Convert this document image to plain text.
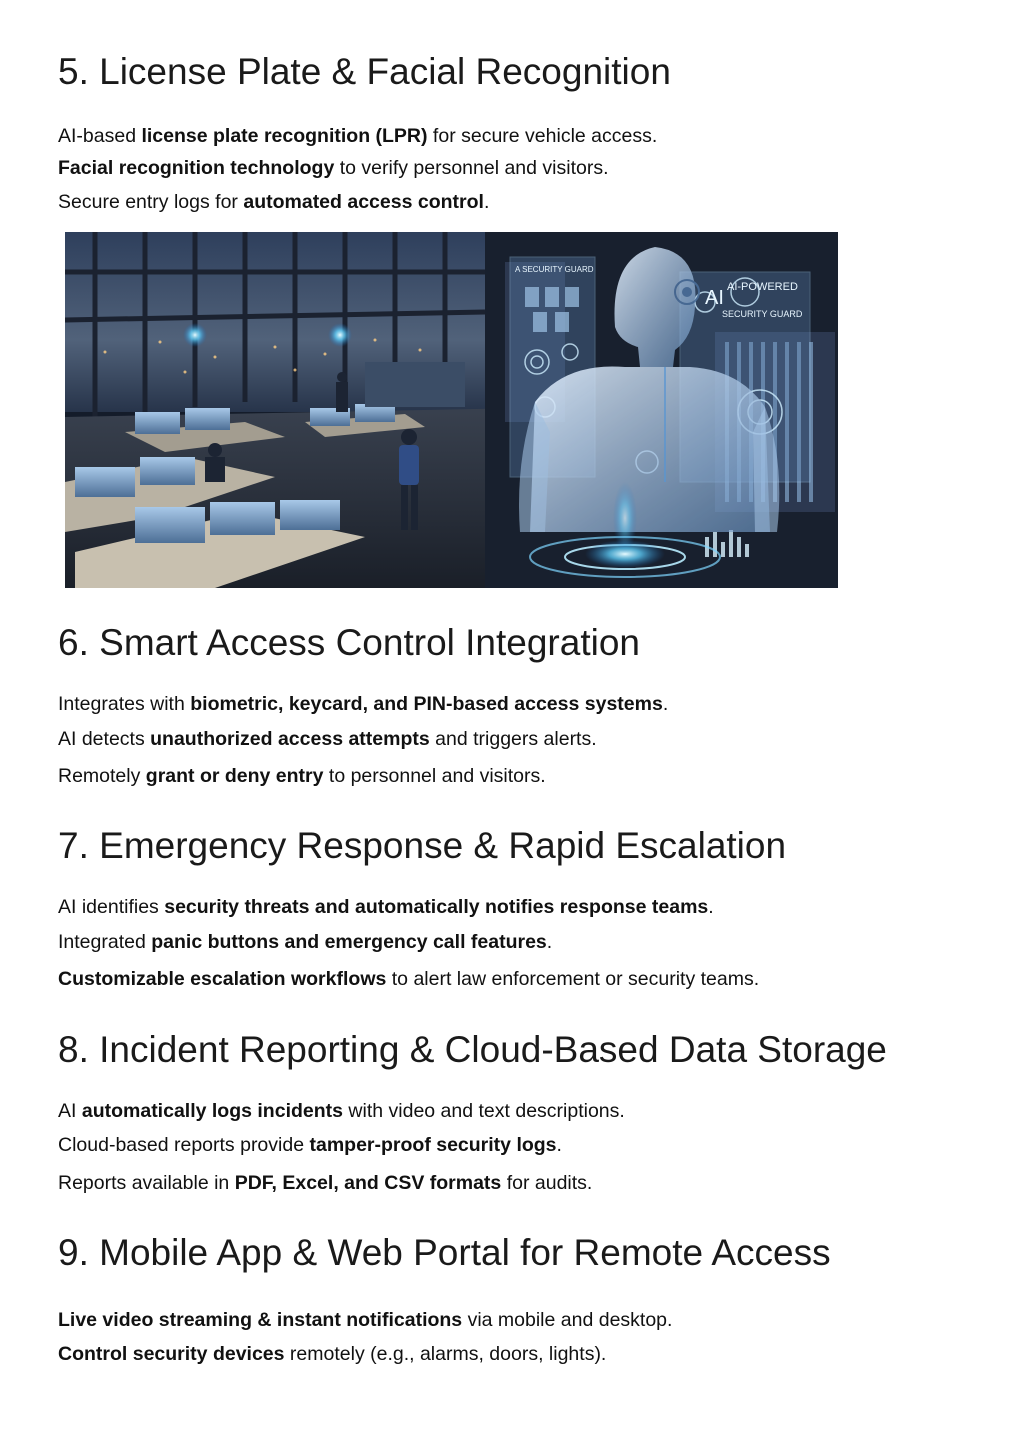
5. License Plate & Facial Recognition

AI-based license plate recognition (LPR) for secure vehicle access.

Facial recognition technology to verify personnel and visitors.

Secure entry logs for automated access control.

A SECURITY GUARD
AI AI-POWERED
SECURITY GUARD
6. Smart Access Control Integration

Integrates with biometric, keycard, and PIN-based access systems.

AI detects unauthorized access attempts and triggers alerts.

Remotely grant or deny entry to personnel and visitors.

7. Emergency Response & Rapid Escalation

AI identifies security threats and automatically notifies response teams.

Integrated panic buttons and emergency call features.

Customizable escalation workflows to alert law enforcement or security teams.

8. Incident Reporting & Cloud-Based Data Storage

AI automatically logs incidents with video and text descriptions.

Cloud-based reports provide tamper-proof security logs.

Reports available in PDF, Excel, and CSV formats for audits.

9. Mobile App & Web Portal for Remote Access

Live video streaming & instant notifications via mobile and desktop.

Control security devices remotely (e.g., alarms, doors, lights).
